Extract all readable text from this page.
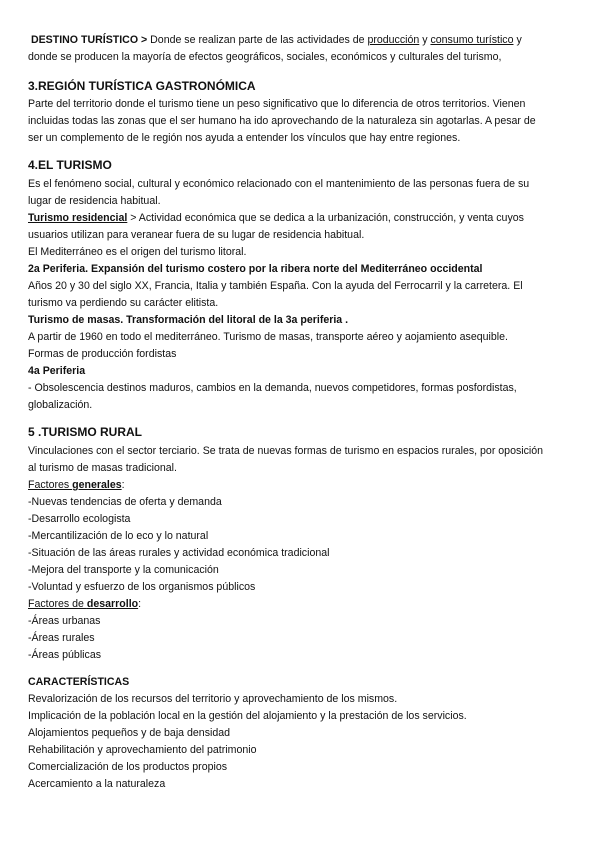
DESTINO TURÍSTICO > Donde se realizan parte de las actividades de producción y consumo turístico y
donde se producen la mayoría de efectos geográficos, sociales, económicos y culturales del turismo,
3.REGIÓN TURÍSTICA GASTRONÓMICA
Parte del territorio donde el turismo tiene un peso significativo que lo diferencia de otros territorios. Vienen
incluidas todas las zonas que el ser humano ha ido aprovechando de la naturaleza sin agotarlas. A pesar de
ser un complemento de le región nos ayuda a entender los vínculos que hay entre regiones.
4.EL TURISMO
Es el fenómeno social, cultural y económico relacionado con el mantenimiento de las personas fuera de su
lugar de residencia habitual.
Turismo residencial > Actividad económica que se dedica a la urbanización, construcción, y venta cuyos
usuarios utilizan para veranear fuera de su lugar de residencia habitual.
El Mediterráneo es el origen del turismo litoral.
2a Periferia. Expansión del turismo costero por la ribera norte del Mediterráneo occidental
Años 20 y 30 del siglo XX, Francia, Italia y también España. Con la ayuda del Ferrocarril y la carretera. El
turismo va perdiendo su carácter elitista.
Turismo de masas. Transformación del litoral de la 3a periferia .
A partir de 1960 en todo el mediterráneo. Turismo de masas, transporte aéreo y aojamiento asequible.
Formas de producción fordistas
4a Periferia
- Obsolescencia destinos maduros, cambios en la demanda, nuevos competidores, formas posfordistas,
globalización.
5 .TURISMO RURAL
Vinculaciones con el sector terciario. Se trata de nuevas formas de turismo en espacios rurales, por oposición
al turismo de masas tradicional.
Factores generales:
-Nuevas tendencias de oferta y demanda
-Desarrollo ecologista
-Mercantilización de lo eco y lo natural
-Situación de las áreas rurales y actividad económica tradicional
-Mejora del transporte y la comunicación
-Voluntad y esfuerzo de los organismos públicos
Factores de desarrollo:
-Áreas urbanas
-Áreas rurales
-Áreas públicas
CARACTERÍSTICAS
Revalorización de los recursos del territorio y aprovechamiento de los mismos.
Implicación de la población local en la gestión del alojamiento y la prestación de los servicios.
Alojamientos pequeños y de baja densidad
Rehabilitación y aprovechamiento del patrimonio
Comercialización de los productos propios
Acercamiento a la naturaleza
